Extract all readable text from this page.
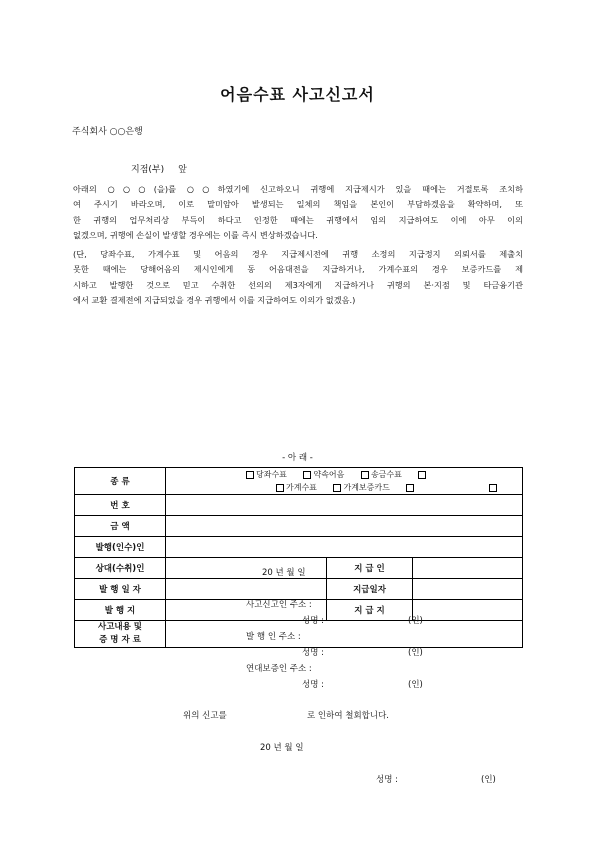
어음수표 사고신고서
주식회사 ○○은행
지점(부) 앞
아래의 ○○○(을)를 ○○하였기에 신고하오니 귀행에 지급제시가 있을 때에는 거절토록 조치하
여 주시기 바라오며, 이로 말미암아 발생되는 일체의 책임을 본인이 부담하겠음을 확약하며, 또
한 귀행의 업무처리상 부득이 하다고 인정한 때에는 귀행에서 임의 지급하여도 이에 아무 이의
없겠으며, 귀행에 손실이 발생할 경우에는 이를 즉시 변상하겠습니다.
(단, 당좌수표, 가계수표 및 어음의 경우 지급제시전에 귀행 소정의 지급정지 의뢰서를 제출치
못한 때에는 당해어음의 제시인에게 동 어음대전을 지급하거나, 가계수표의 경우 보증카드를 제
시하고 발행한 것으로 믿고 수취한 선의의 제3자에게 지급하거나 귀행의 본·지점 및 타금융기관
에서 교환 결제전에 지급되었을 경우 귀행에서 이를 지급하여도 이의가 없겠음.)
- 아 래 -
종 류	당좌수표 약속어음 송금수표
가계수표 가계보증카드		

번 호			
금 액			
발행(인수)인			
상대(수취)인		지 급 인	
발 행 일 자		지급일자	
발 행 지		지 급 지	

사고내용 및
증 명 자 료			

20 년 월 일
사고신고인 주소 :
성명 :	(인)
발 행 인 주소 :
성명 :	(인)
연대보증인 주소 :
성명 :	(인)
위의 신고를	로 인하여 철회합니다.
20 년 월 일
성명 :	(인)
